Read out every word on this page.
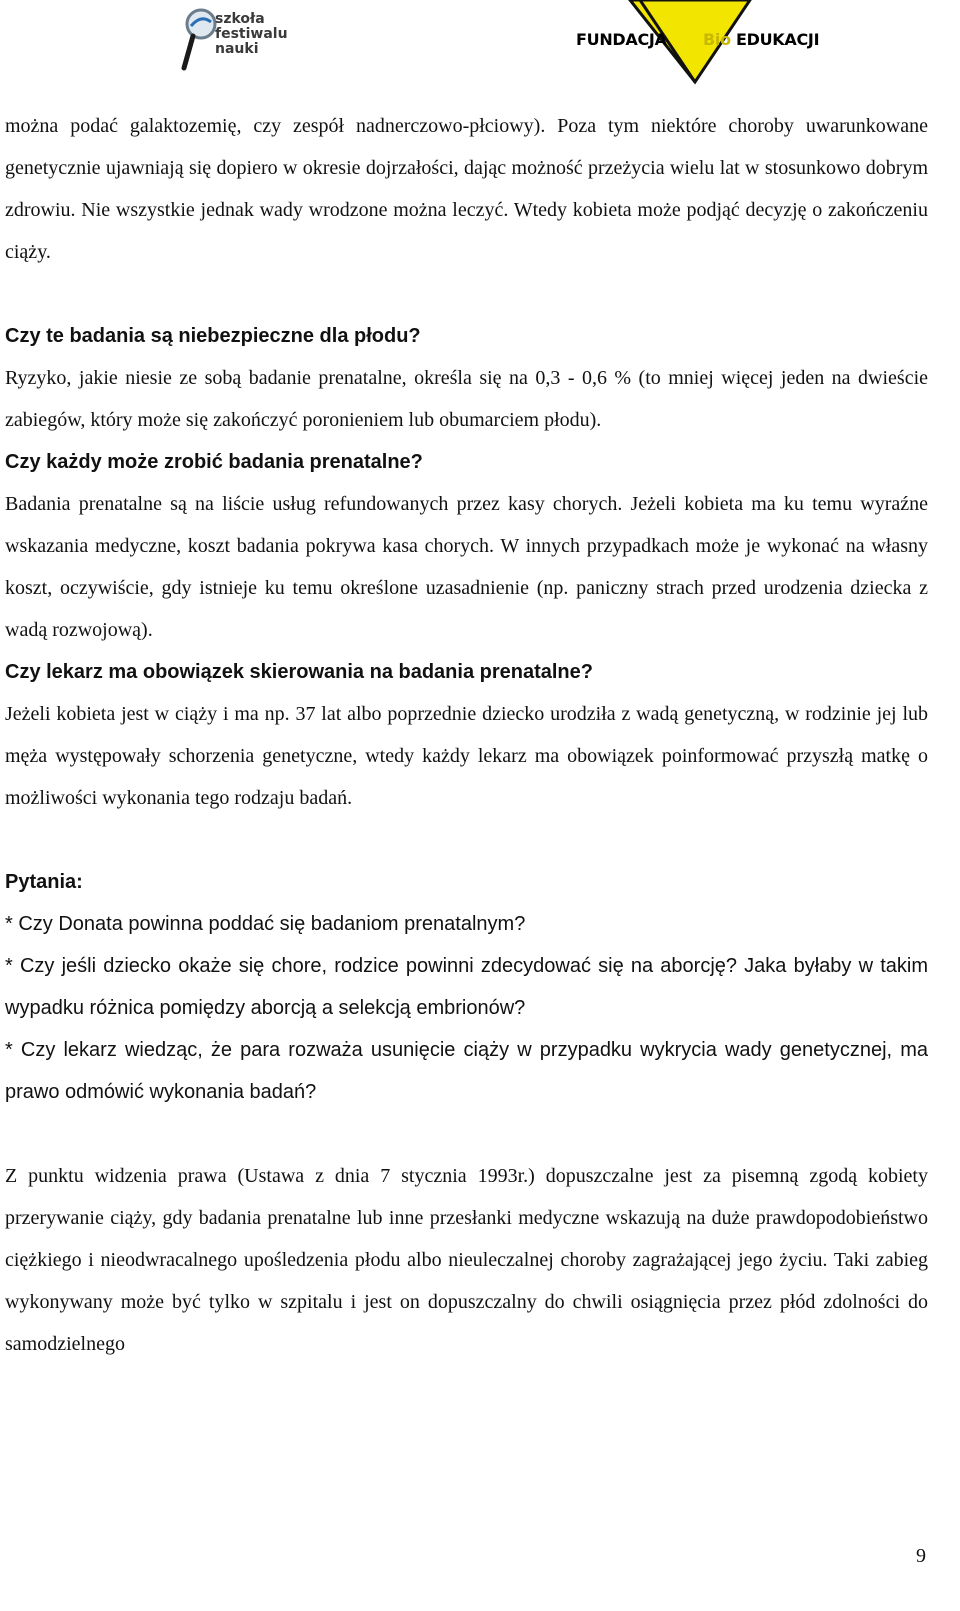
szkoła
festiwalu
nauki	FUNDACJA Bio EDUKACJI

można podać galaktozemię, czy zespół nadnerczowo-płciowy). Poza tym niektóre choroby uwarunkowane genetycznie ujawniają się dopiero w okresie dojrzałości, dając możność przeżycia wielu lat w stosunkowo dobrym zdrowiu. Nie wszystkie jednak wady wrodzone można leczyć. Wtedy kobieta może podjąć decyzję o zakończeniu ciąży.

Czy te badania są niebezpieczne dla płodu?

Ryzyko, jakie niesie ze sobą badanie prenatalne, określa się na 0,3 - 0,6 % (to mniej więcej jeden na dwieście zabiegów, który może się zakończyć poronieniem lub obumarciem płodu).

Czy każdy może zrobić badania prenatalne?

Badania prenatalne są na liście usług refundowanych przez kasy chorych. Jeżeli kobieta ma ku temu wyraźne wskazania medyczne, koszt badania pokrywa kasa chorych. W innych przypadkach może je wykonać na własny koszt, oczywiście, gdy istnieje ku temu określone uzasadnienie (np. paniczny strach przed urodzenia dziecka z wadą rozwojową).

Czy lekarz ma obowiązek skierowania na badania prenatalne?

Jeżeli kobieta jest w ciąży i ma np. 37 lat albo poprzednie dziecko urodziła z wadą genetyczną, w rodzinie jej lub męża występowały schorzenia genetyczne, wtedy każdy lekarz ma obowiązek poinformować przyszłą matkę o możliwości wykonania tego rodzaju badań.

Pytania:

* Czy Donata powinna poddać się badaniom prenatalnym?

* Czy jeśli dziecko okaże się chore, rodzice powinni zdecydować się na aborcję? Jaka byłaby w takim wypadku różnica pomiędzy aborcją a selekcją embrionów?

* Czy lekarz wiedząc, że para rozważa usunięcie ciąży w przypadku wykrycia wady genetycznej, ma prawo odmówić wykonania badań?

Z punktu widzenia prawa (Ustawa z dnia 7 stycznia 1993r.) dopuszczalne jest za pisemną zgodą kobiety przerywanie ciąży, gdy badania prenatalne lub inne przesłanki medyczne wskazują na duże prawdopodobieństwo ciężkiego i nieodwracalnego upośledzenia płodu albo nieuleczalnej choroby zagrażającej jego życiu. Taki zabieg wykonywany może być tylko w szpitalu i jest on dopuszczalny do chwili osiągnięcia przez płód zdolności do samodzielnego

9
